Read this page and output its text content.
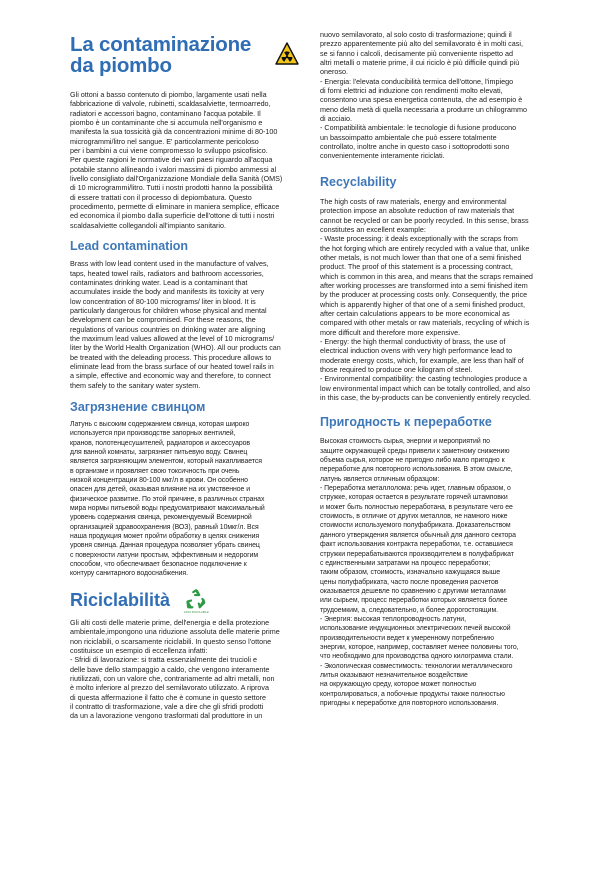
La contaminazione
da piombo

Gli ottoni a basso contenuto di piombo, largamente usati nella
fabbricazione di valvole, rubinetti, scaldasalviette, termoarredo,
radiatori e accessori bagno, contaminano l'acqua potabile. Il
piombo è un contaminante che si accumula nell'organismo e
manifesta la sua tossicità già da concentrazioni minime di 80-100
microgrammi/litro nel sangue. E' particolarmente pericoloso
per i bambini a cui viene compromesso lo sviluppo psicofisico.
Per queste ragioni le normative dei vari paesi riguardo all'acqua
potabile stanno allineando i valori massimi di piombo ammessi al
livello consigliato dall'Organizzazione Mondiale della Sanità (OMS)
di 10 microgrammi/litro. Tutti i nostri prodotti hanno la possibilità
di essere trattati con il processo di depiombatura. Questo
procedimento, permette di eliminare in maniera semplice, efficace
ed economica il piombo dalla superficie dell'ottone di tutti i nostri
scaldasalviette collegandoli all'impianto sanitario.

Lead contamination

Brass with low lead content used in the manufacture of valves,
taps, heated towel rails, radiators and bathroom accessories,
contaminates drinking water. Lead is a contaminant that
accumulates inside the body and manifests its toxicity at very
low concentration of 80-100 micrograms/ liter in blood. It is
particularly dangerous for children whose physical and mental
development can be compromised. For these reasons, the
regulations of various countries on drinking water are aligning
the maximum lead values allowed at the level of 10 micrograms/
liter by the World Health Organization (WHO). All our products can
be treated with the deleading process. This procedure allows to
eliminate lead from the brass surface of our heated towel rails in
a simple, effective and economic way and therefore, to connect
them safely to the sanitary water system.

Загрязнение свинцом

Латунь с высоким содержанием свинца, которая широко
используется при производстве запорных вентилей,
кранов, полотенцесушителей, радиаторов и аксессуаров
для ванной комнаты, загрязняет питьевую воду. Свинец
является загрязняющим элементом, который накапливается
в организме и проявляет свою токсичность при очень
низкой концентрации 80-100 мкг/л в крови. Он особенно
опасен для детей, оказывая влияние на их умственное и
физическое развитие. По этой причине, в различных странах
мира нормы питьевой воды предусматривают максимальный
уровень содержания свинца, рекомендуемый Всемирной
организацией здравоохранения (ВОЗ), равный 10мкг/л. Вся
наша продукция может пройти обработку в целях снижения
уровня свинца. Данная процедура позволяет убрать свинец
с поверхности латуни простым, эффективным и недорогим
способом, что обеспечивает безопасное подключение к
контуру санитарного водоснабжения.

Riciclabilità
100% RICICLABILE

Gli alti costi delle materie prime, dell'energia e della protezione
ambientale,impongono una riduzione assoluta delle materie prime
non riciclabili, o scarsamente riciclabili. In questo senso l'ottone
costituisce un esempio di eccellenza infatti:
- Sfridi di lavorazione: si tratta essenzialmente dei trucioli e
delle bave dello stampaggio a caldo, che vengono interamente
riutilizzati, con un valore che, contrariamente ad altri metalli, non
è molto inferiore al prezzo del semilavorato utilizzato. A riprova
di questa affermazione il fatto che è comune in questo settore
il contratto di trasformazione, vale a dire che gli sfridi prodotti
da un a lavorazione vengono trasformati dal produttore in un

nuovo semilavorato, al solo costo di trasformazione; quindi il
prezzo apparentemente più alto del semilavorato è in molti casi,
se si fanno i calcoli, decisamente più conveniente rispetto ad
altri metalli o materie prime, il cui riciclo è più difficile quindi più
oneroso.
- Energia: l'elevata conducibilità termica dell'ottone, l'impiego
di forni elettrici ad induzione con rendimenti molto elevati,
consentono una spesa energetica contenuta, che ad esempio è
meno della metà di quella necessaria a produrre un chilogrammo
di acciaio.
- Compatibilità ambientale: le tecnologie di fusione producono
un bassoimpatto ambientale che può essere totalmente
controllato, inoltre anche in questo caso i sottoprodotti sono
convenientemente interamente riciclati.

Recyclability

The high costs of raw materials, energy and environmental
protection impose an absolute reduction of raw materials that
cannot be recycled or can be poorly recycled. In this sense, brass
constitutes an excellent example:
- Waste processing: it deals exceptionally with the scraps from
the hot forging which are entirely recycled with a value that, unlike
other metals, is not much lower than that one of a semi finished
product. The proof of this statement is a processing contract,
which is common in this area, and means that the scraps remained
after working processes are transformed into a semi finished item
by the producer at processing costs only. Consequently, the price
which is apparently higher of that one of a semi finished product,
after certain calculations appears to be more economical as
compared with other metals or raw materials, recycling of which is
more difficult and therefore more expensive.
- Energy: the high thermal conductivity of brass, the use of
electrical induction ovens with very high performance lead to
moderate energy costs, which, for example, are less than half of
those required to produce one kilogram of steel.
- Environmental compatibility: the casting technologies produce a
low environmental impact which can be totally controlled, and also
in this case, the by-products can be conveniently entirely recycled.

Пригодность к переработке

Высокая стоимость сырья, энергии и мероприятий по
защите окружающей среды привели к заметному снижению
объема сырья, которое не пригодно либо мало пригодно к
переработке для повторного использования. В этом смысле,
латунь является отличным образцом:
- Переработка металлолома: речь идет, главным образом, о
стружке, которая остается в результате горячей штамповки
и может быть полностью переработана, в результате чего ее
стоимость, в отличие от других металлов, не намного ниже
стоимости используемого полуфабриката. Доказательством
данного утверждения является обычный для данного сектора
факт использования контракта переработки, т.е. оставшиеся
стружки перерабатываются производителем в полуфабрикат
с единственными затратами на процесс переработки;
таким образом, стоимость, изначально кажущаяся выше
цены полуфабриката, часто после проведения расчетов
оказывается дешевле по сравнению с другими металлами
или сырьем, процесс переработки которых является более
трудоемким, а, следовательно, и более дорогостоящим.
- Энергия: высокая теплопроводность латуни,
использование индукционных электрических печей высокой
производительности ведет к умеренному потреблению
энергии, которое, например, составляет менее половины того,
что необходимо для производства одного килограмма стали.
- Экологическая совместимость: технологии металлического
литья оказывают незначительное воздействие
на окружающую среду, которое может полностью
контролироваться, а побочные продукты также полностью
пригодны к переработке для повторного использования.
